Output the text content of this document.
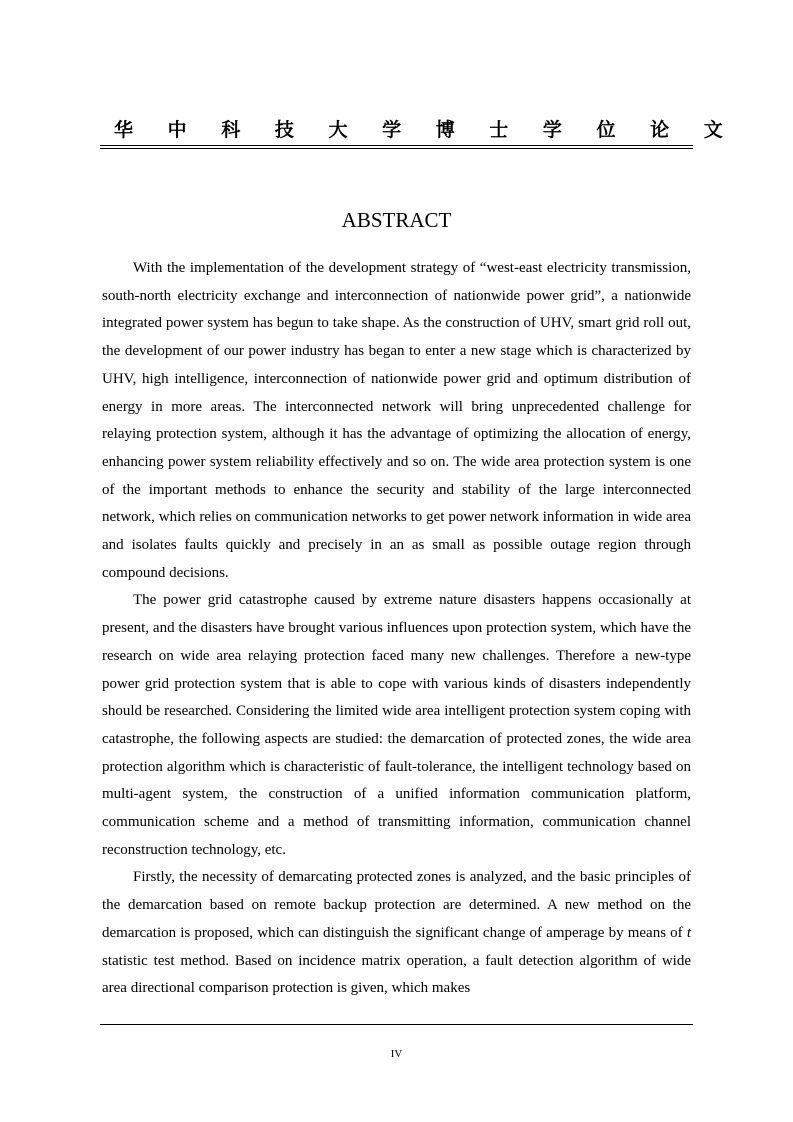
华 中 科 技 大 学 博 士 学 位 论 文
ABSTRACT

With the implementation of the development strategy of “west-east electricity transmission, south-north electricity exchange and interconnection of nationwide power grid”, a nationwide integrated power system has begun to take shape. As the construction of UHV, smart grid roll out, the development of our power industry has began to enter a new stage which is characterized by UHV, high intelligence, interconnection of nationwide power grid and optimum distribution of energy in more areas. The interconnected network will bring unprecedented challenge for relaying protection system, although it has the advantage of optimizing the allocation of energy, enhancing power system reliability effectively and so on. The wide area protection system is one of the important methods to enhance the security and stability of the large interconnected network, which relies on communication networks to get power network information in wide area and isolates faults quickly and precisely in an as small as possible outage region through compound decisions.

The power grid catastrophe caused by extreme nature disasters happens occasionally at present, and the disasters have brought various influences upon protection system, which have the research on wide area relaying protection faced many new challenges. Therefore a new-type power grid protection system that is able to cope with various kinds of disasters independently should be researched. Considering the limited wide area intelligent protection system coping with catastrophe, the following aspects are studied: the demarcation of protected zones, the wide area protection algorithm which is characteristic of fault-tolerance, the intelligent technology based on multi-agent system, the construction of a unified information communication platform, communication scheme and a method of transmitting information, communication channel reconstruction technology, etc.

Firstly, the necessity of demarcating protected zones is analyzed, and the basic principles of the demarcation based on remote backup protection are determined. A new method on the demarcation is proposed, which can distinguish the significant change of amperage by means of t statistic test method. Based on incidence matrix operation, a fault detection algorithm of wide area directional comparison protection is given, which makes

IV
